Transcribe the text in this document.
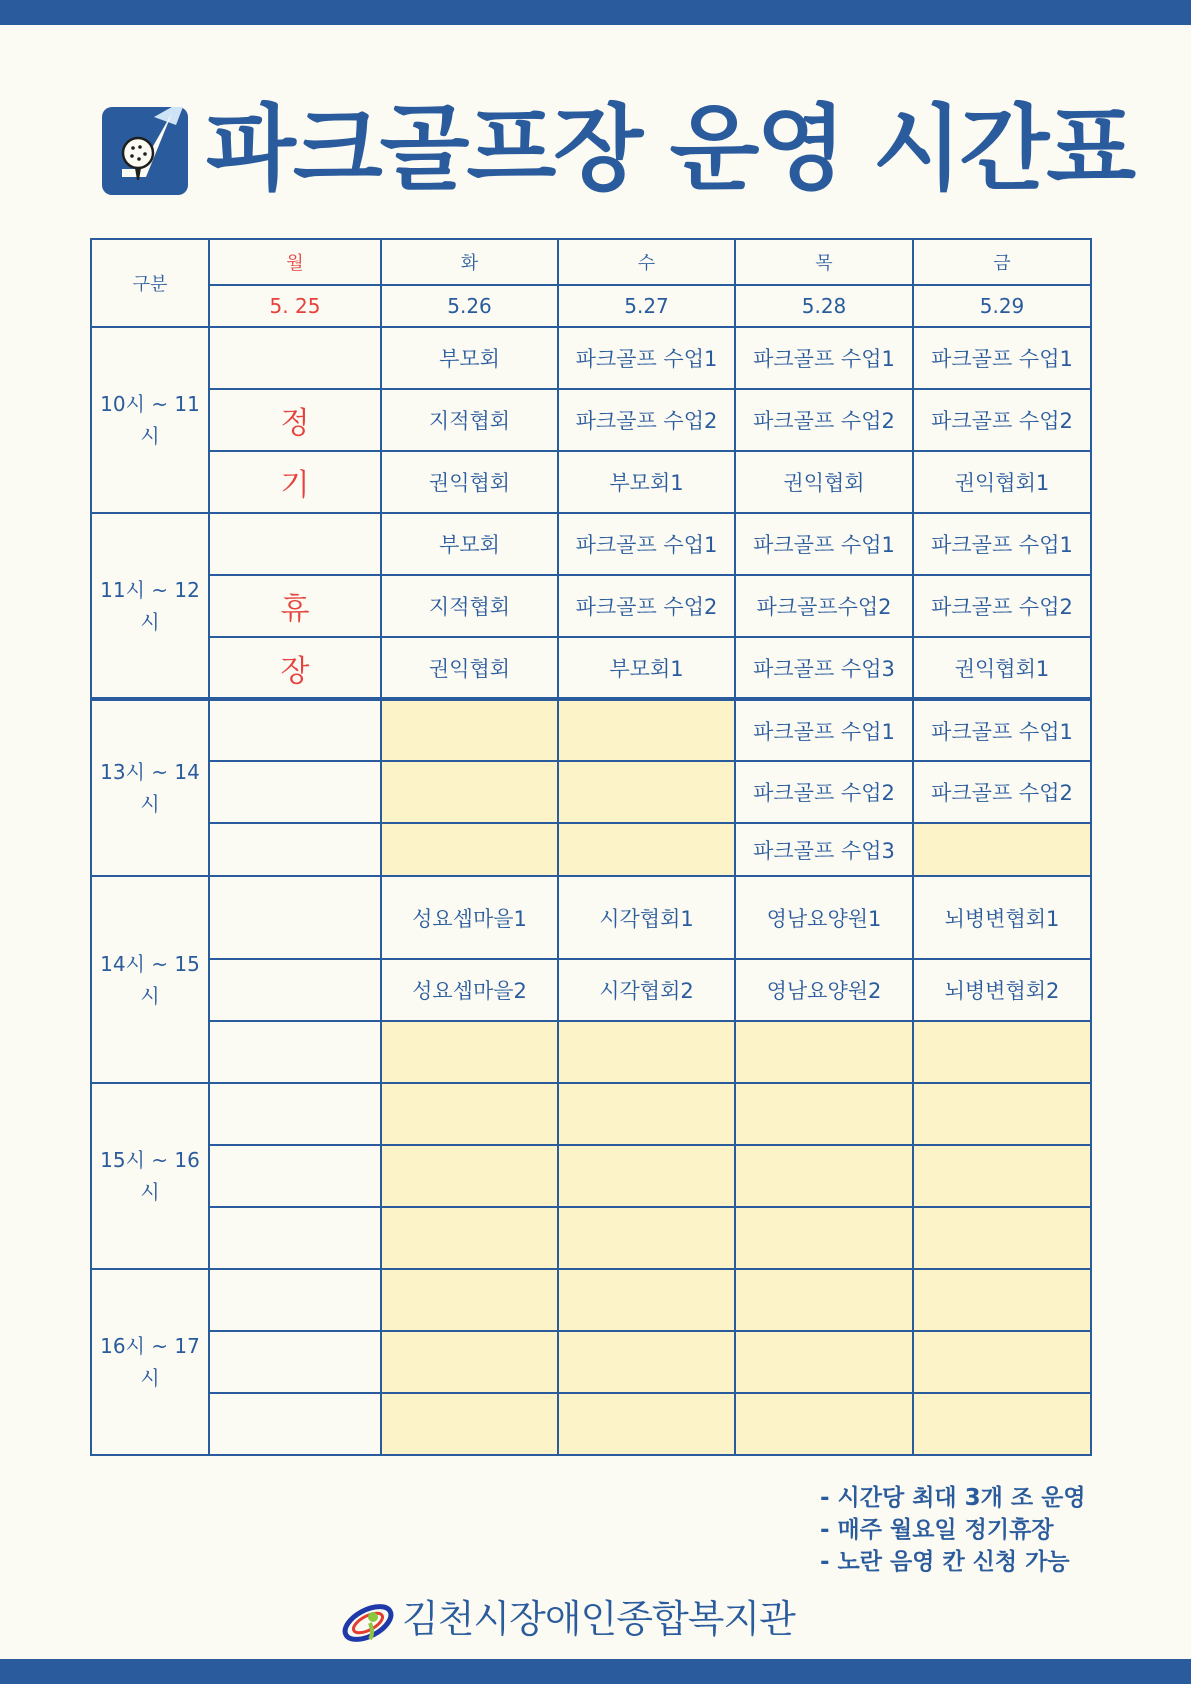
파크골프장 운영 시간표
구분	월	화	수	목	금
	5. 25	5.26	5.27	5.28	5.29
10시 ~ 11시		부모회	파크골프 수업1	파크골프 수업1	파크골프 수업1
	정	지적협회	파크골프 수업2	파크골프 수업2	파크골프 수업2
	기	권익협회	부모회1	권익협회	권익협회1
11시 ~ 12시		부모회	파크골프 수업1	파크골프 수업1	파크골프 수업1
	휴	지적협회	파크골프 수업2	파크골프수업2	파크골프 수업2
	장	권익협회	부모회1	파크골프 수업3	권익협회1
13시 ~ 14시				파크골프 수업1	파크골프 수업1
				파크골프 수업2	파크골프 수업2
				파크골프 수업3	
14시 ~ 15시		성요셉마을1	시각협회1	영남요양원1	뇌병변협회1
		성요셉마을2	시각협회2	영남요양원2	뇌병변협회2

15시 ~ 16시					

16시 ~ 17시					

- 시간당 최대 3개 조 운영
- 매주 월요일 정기휴장
- 노란 음영 칸 신청 가능
김천시장애인종합복지관
